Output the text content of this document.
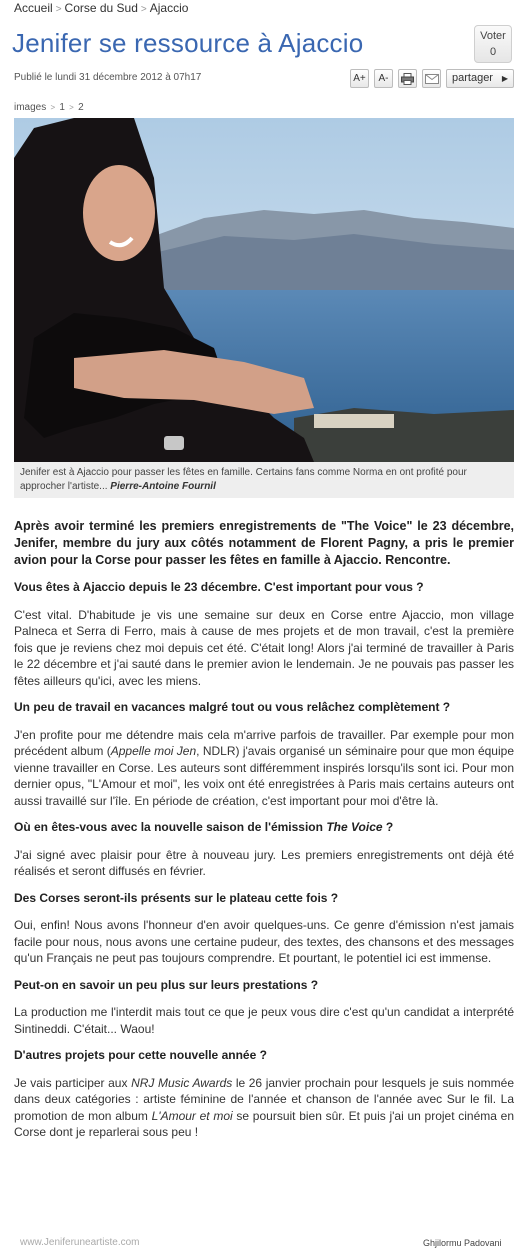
Accueil > Corse du Sud > Ajaccio
Jenifer se ressource à Ajaccio	Voter
0
Publié le lundi 31 décembre 2012 à 07h17	A+	A-	partager ▶
images > 1 > 2
Jenifer est à Ajaccio pour passer les fêtes en famille. Certains fans comme Norma en ont profité pour approcher l'artiste... Pierre-Antoine Fournil

Après avoir terminé les premiers enregistrements de "The Voice" le 23 décembre, Jenifer, membre du jury aux côtés notamment de Florent Pagny, a pris le premier avion pour la Corse pour passer les fêtes en famille à Ajaccio. Rencontre.

Vous êtes à Ajaccio depuis le 23 décembre. C'est important pour vous ?

C'est vital. D'habitude je vis une semaine sur deux en Corse entre Ajaccio, mon village Palneca et Serra di Ferro, mais à cause de mes projets et de mon travail, c'est la première fois que je reviens chez moi depuis cet été. C'était long! Alors j'ai terminé de travailler à Paris le 22 décembre et j'ai sauté dans le premier avion le lendemain. Je ne pouvais pas passer les fêtes ailleurs qu'ici, avec les miens.

Un peu de travail en vacances malgré tout ou vous relâchez complètement ?

J'en profite pour me détendre mais cela m'arrive parfois de travailler. Par exemple pour mon précédent album (Appelle moi Jen, NDLR) j'avais organisé un séminaire pour que mon équipe vienne travailler en Corse. Les auteurs sont différemment inspirés lorsqu'ils sont ici. Pour mon dernier opus, "L'Amour et moi", les voix ont été enregistrées à Paris mais certains auteurs ont aussi travaillé sur l'île. En période de création, c'est important pour moi d'être là.

Où en êtes-vous avec la nouvelle saison de l'émission The Voice ?

J'ai signé avec plaisir pour être à nouveau jury. Les premiers enregistrements ont déjà été réalisés et seront diffusés en février.

Des Corses seront-ils présents sur le plateau cette fois ?

Oui, enfin! Nous avons l'honneur d'en avoir quelques-uns. Ce genre d'émission n'est jamais facile pour nous, nous avons une certaine pudeur, des textes, des chansons et des messages qu'un Français ne peut pas toujours comprendre. Et pourtant, le potentiel ici est immense.

Peut-on en savoir un peu plus sur leurs prestations ?

La production me l'interdit mais tout ce que je peux vous dire c'est qu'un candidat a interprété Sintineddi. C'était... Waou!

D'autres projets pour cette nouvelle année ?

Je vais participer aux NRJ Music Awards le 26 janvier prochain pour lesquels je suis nommée dans deux catégories : artiste féminine de l'année et chanson de l'année avec Sur le fil. La promotion de mon album L'Amour et moi se poursuit bien sûr. Et puis j'ai un projet cinéma en Corse dont je reparlerai sous peu !

www.Jeniferuneartiste.com	Ghjilormu Padovani
